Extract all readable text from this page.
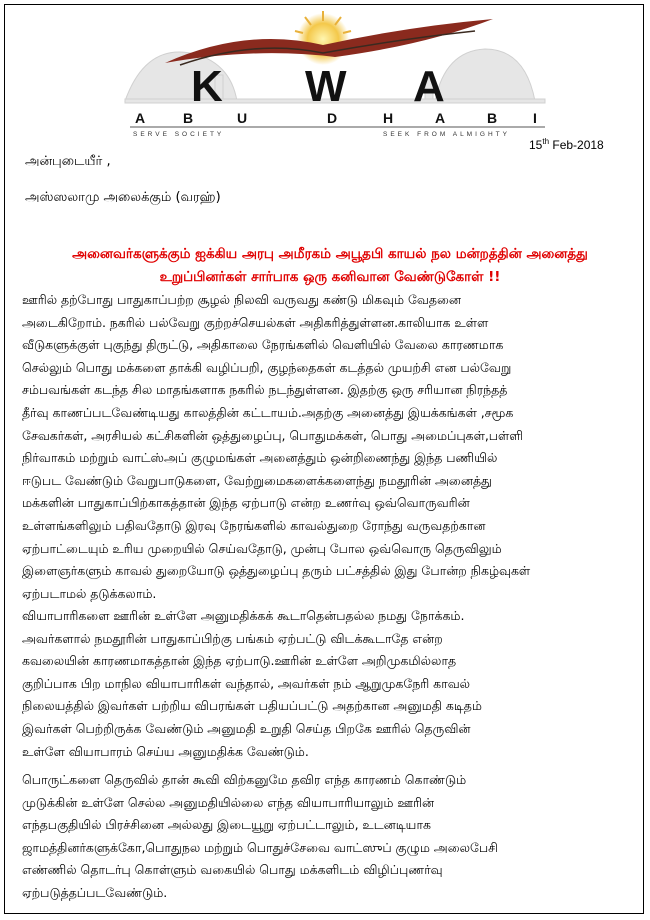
K W A
A	B	U	D	H	A	B	I
SERVE SOCIETY	SEEK FROM ALMIGHTY
15th Feb-2018
அன்புடையீர் ,
அஸ்ஸலாமு அலைக்கும் (வரஹ்)
அனைவர்களுக்கும் ஐக்கிய அரபு அமீரகம் அபூதபி காயல் நல மன்றத்தின் அனைத்து
உறுப்பினர்கள் சார்பாக ஒரு கனிவான வேண்டுகோள் !!
ஊரில் தற்போது பாதுகாப்பற்ற சூழல் நிலவி வருவது கண்டு மிகவும் வேதனை
அடைகிறோம். நகரில் பல்வேறு குற்றச்செயல்கள் அதிகரித்துள்ளன.காலியாக உள்ள
வீடுகளுக்குள் புகுந்து திருட்டு, அதிகாலை நேரங்களில் வெளியில் வேலை காரணமாக
செல்லும் பொது மக்களை தாக்கி வழிப்பறி, குழந்தைகள் கடத்தல் முயற்சி என பல்வேறு
சம்பவங்கள் கடந்த சில மாதங்களாக நகரில் நடந்துள்ளன. இதற்கு ஒரு சரியான நிரந்தத்
தீர்வு காணப்படவேண்டியது காலத்தின் கட்டாயம்.அதற்கு அனைத்து இயக்கங்கள் ,சமூக
சேவகர்கள், அரசியல் கட்சிகளின் ஒத்துழைப்பு, பொதுமக்கள், பொது அமைப்புகள்,பள்ளி
நிர்வாகம் மற்றும் வாட்ஸ்அப் குழுமங்கள் அனைத்தும் ஒன்றிணைந்து இந்த பணியில்
ஈடுபட வேண்டும் வேறுபாடுகளை, வேற்றுமைகளைக்களைந்து நமதூரின் அனைத்து
மக்களின் பாதுகாப்பிற்காகத்தான் இந்த ஏற்பாடு என்ற உணர்வு ஒவ்வொருவரின்
உள்ளங்களிலும் பதிவதோடு இரவு நேரங்களில் காவல்துறை ரோந்து வருவதற்கான
ஏற்பாட்டையும் உரிய முறையில் செய்வதோடு, முன்பு போல ஒவ்வொரு தெருவிலும்
இளைஞர்களும் காவல் துறையோடு ஒத்துழைப்பு தரும் பட்சத்தில் இது போன்ற நிகழ்வுகள்
ஏற்படாமல் தடுக்கலாம்.
வியாபாரிகளை ஊரின் உள்ளே அனுமதிக்கக் கூடாதென்பதல்ல நமது நோக்கம்.
அவர்களால் நமதூரின் பாதுகாப்பிற்கு பங்கம் ஏற்பட்டு விடக்கூடாதே என்ற
கவலையின் காரணமாகத்தான் இந்த ஏற்பாடு.ஊரின் உள்ளே அறிமுகமில்லாத
குறிப்பாக பிற மாநில வியாபாரிகள் வந்தால், அவர்கள் நம் ஆறுமுகநேரி காவல்
நிலையத்தில் இவர்கள் பற்றிய விபரங்கள் பதியப்பட்டு அதற்கான அனுமதி கடிதம்
இவர்கள் பெற்றிருக்க வேண்டும் அனுமதி உறுதி செய்த பிறகே ஊரில் தெருவின்
உள்ளே வியாபாரம் செய்ய அனுமதிக்க வேண்டும்.
பொருட்களை தெருவில் தான் கூவி விற்கனுமே தவிர எந்த காரணம் கொண்டும்
முடுக்கின் உள்ளே செல்ல அனுமதியில்லை எந்த வியாபாரியாலும் ஊரின்
எந்தபகுதியில் பிரச்சினை அல்லது இடையூறு ஏற்பட்டாலும், உடனடியாக
ஜாமத்தினர்களுக்கோ,பொதுநல மற்றும் பொதுச்சேவை வாட்ஸுப் குழும அலைபேசி
எண்ணில் தொடர்பு கொள்ளும் வகையில் பொது மக்களிடம் விழிப்புணர்வு
ஏற்படுத்தப்படவேண்டும்.
